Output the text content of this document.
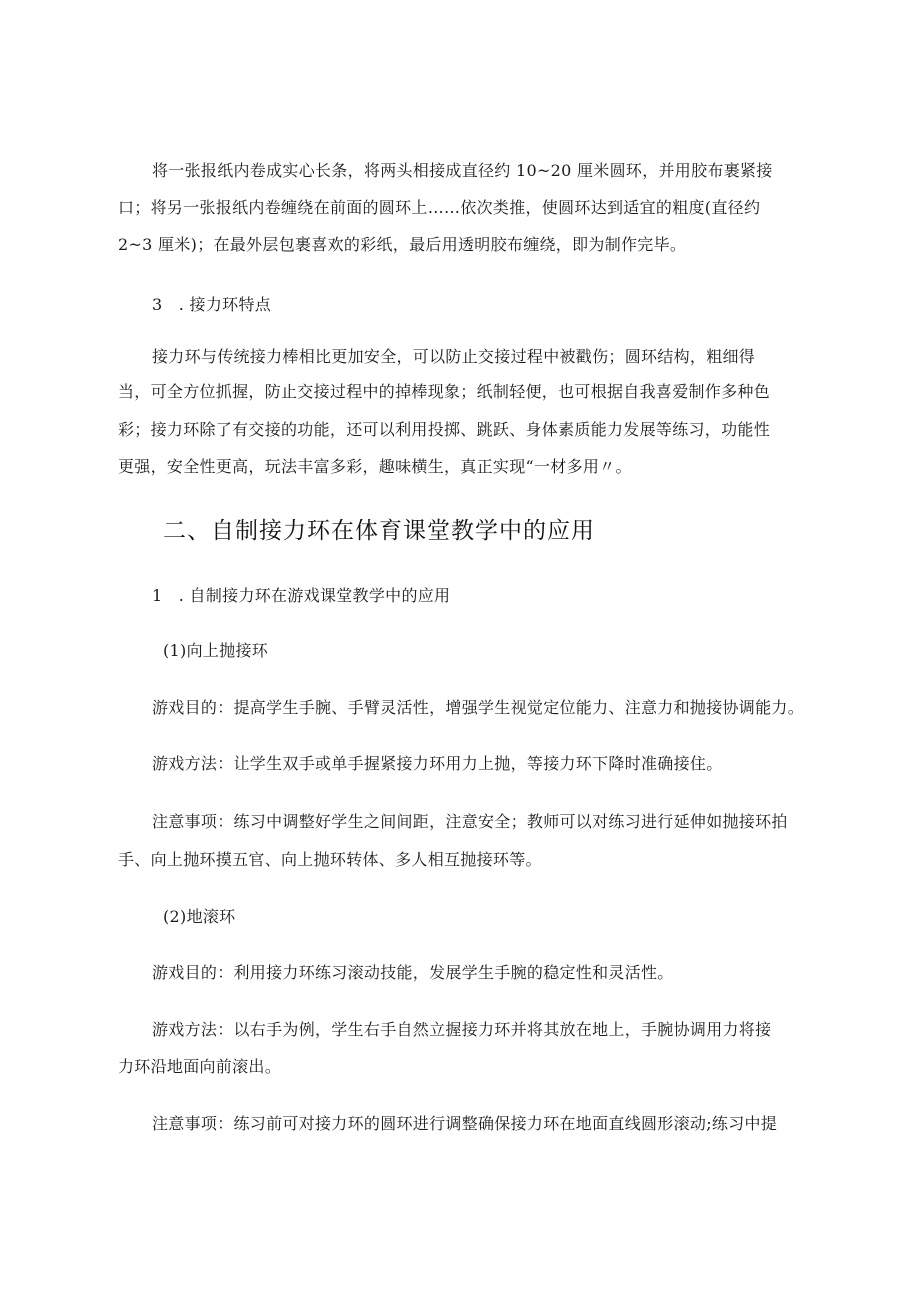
将一张报纸内卷成实心长条，将两头相接成直径约 10~20 厘米圆环，并用胶布裹紧接
口；将另一张报纸内卷缠绕在前面的圆环上……依次类推，使圆环达到适宜的粗度(直径约
2~3 厘米)；在最外层包裹喜欢的彩纸，最后用透明胶布缠绕，即为制作完毕。
3　. 接力环特点
接力环与传统接力棒相比更加安全，可以防止交接过程中被戳伤；圆环结构，粗细得
当，可全方位抓握，防止交接过程中的掉棒现象；纸制轻便，也可根据自我喜爱制作多种色
彩；接力环除了有交接的功能，还可以利用投掷、跳跃、身体素质能力发展等练习，功能性
更强，安全性更高，玩法丰富多彩，趣味横生，真正实现“一材多用〃。
二、自制接力环在体育课堂教学中的应用
1　. 自制接力环在游戏课堂教学中的应用
(1)向上抛接环
游戏目的：提高学生手腕、手臂灵活性，增强学生视觉定位能力、注意力和抛接协调能力。
游戏方法：让学生双手或单手握紧接力环用力上抛，等接力环下降时准确接住。
注意事项：练习中调整好学生之间间距，注意安全；教师可以对练习进行延伸如抛接环拍
手、向上抛环摸五官、向上抛环转体、多人相互抛接环等。
(2)地滚环
游戏目的：利用接力环练习滚动技能，发展学生手腕的稳定性和灵活性。
游戏方法：以右手为例，学生右手自然立握接力环并将其放在地上，手腕协调用力将接
力环沿地面向前滚出。
注意事项：练习前可对接力环的圆环进行调整确保接力环在地面直线圆形滚动;练习中提
